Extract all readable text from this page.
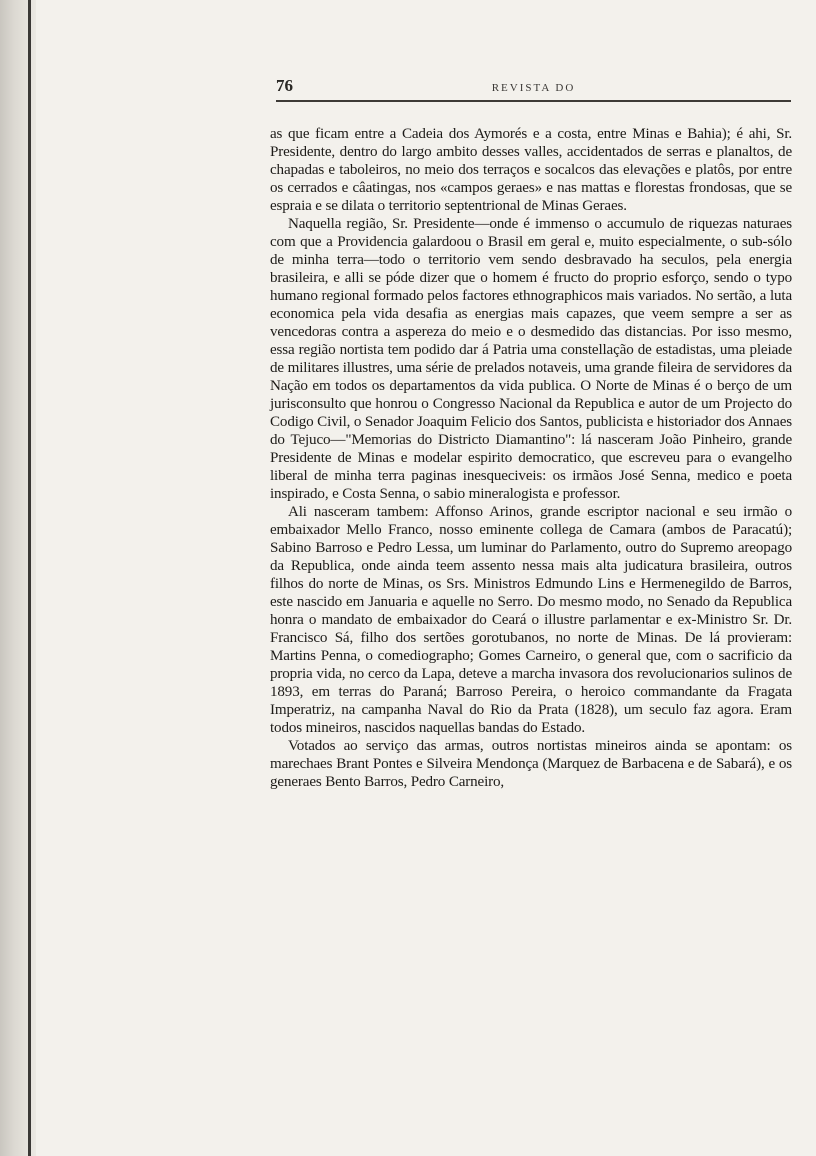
76	REVISTA DO

as que ficam entre a Cadeia dos Aymorés e a costa, entre Minas e Bahia); é ahi, Sr. Presidente, dentro do largo ambito desses valles, accidentados de serras e planaltos, de chapadas e taboleiros, no meio dos terraços e socalcos das elevações e platôs, por entre os cerrados e câatingas, nos «campos geraes» e nas mattas e florestas frondosas, que se espraia e se dilata o territorio septentrional de Minas Geraes.

Naquella região, Sr. Presidente—onde é immenso o accumulo de riquezas naturaes com que a Providencia galardoou o Brasil em geral e, muito especialmente, o sub-sólo de minha terra—todo o territorio vem sendo desbravado ha seculos, pela energia brasileira, e alli se póde dizer que o homem é fructo do proprio esforço, sendo o typo humano regional formado pelos factores ethnographicos mais variados. No sertão, a luta economica pela vida desafia as energias mais capazes, que veem sempre a ser as vencedoras contra a aspereza do meio e o desmedido das distancias. Por isso mesmo, essa região nortista tem podido dar á Patria uma constellação de estadistas, uma pleiade de militares illustres, uma série de prelados notaveis, uma grande fileira de servidores da Nação em todos os departamentos da vida publica. O Norte de Minas é o berço de um jurisconsulto que honrou o Congresso Nacional da Republica e autor de um Projecto do Codigo Civil, o Senador Joaquim Felicio dos Santos, publicista e historiador dos Annaes do Tejuco—"Memorias do Districto Diamantino": lá nasceram João Pinheiro, grande Presidente de Minas e modelar espirito democratico, que escreveu para o evangelho liberal de minha terra paginas inesqueciveis: os irmãos José Senna, medico e poeta inspirado, e Costa Senna, o sabio mineralogista e professor.

Ali nasceram tambem: Affonso Arinos, grande escriptor nacional e seu irmão o embaixador Mello Franco, nosso eminente collega de Camara (ambos de Paracatú); Sabino Barroso e Pedro Lessa, um luminar do Parlamento, outro do Supremo areopago da Republica, onde ainda teem assento nessa mais alta judicatura brasileira, outros filhos do norte de Minas, os Srs. Ministros Edmundo Lins e Hermenegildo de Barros, este nascido em Januaria e aquelle no Serro. Do mesmo modo, no Senado da Republica honra o mandato de embaixador do Ceará o illustre parlamentar e ex-Ministro Sr. Dr. Francisco Sá, filho dos sertões gorotubanos, no norte de Minas. De lá provieram: Martins Penna, o comediographo; Gomes Carneiro, o general que, com o sacrificio da propria vida, no cerco da Lapa, deteve a marcha invasora dos revolucionarios sulinos de 1893, em terras do Paraná; Barroso Pereira, o heroico commandante da Fragata Imperatriz, na campanha Naval do Rio da Prata (1828), um seculo faz agora. Eram todos mineiros, nascidos naquellas bandas do Estado.

Votados ao serviço das armas, outros nortistas mineiros ainda se apontam: os marechaes Brant Pontes e Silveira Mendonça (Marquez de Barbacena e de Sabará), e os generaes Bento Barros, Pedro Carneiro,
